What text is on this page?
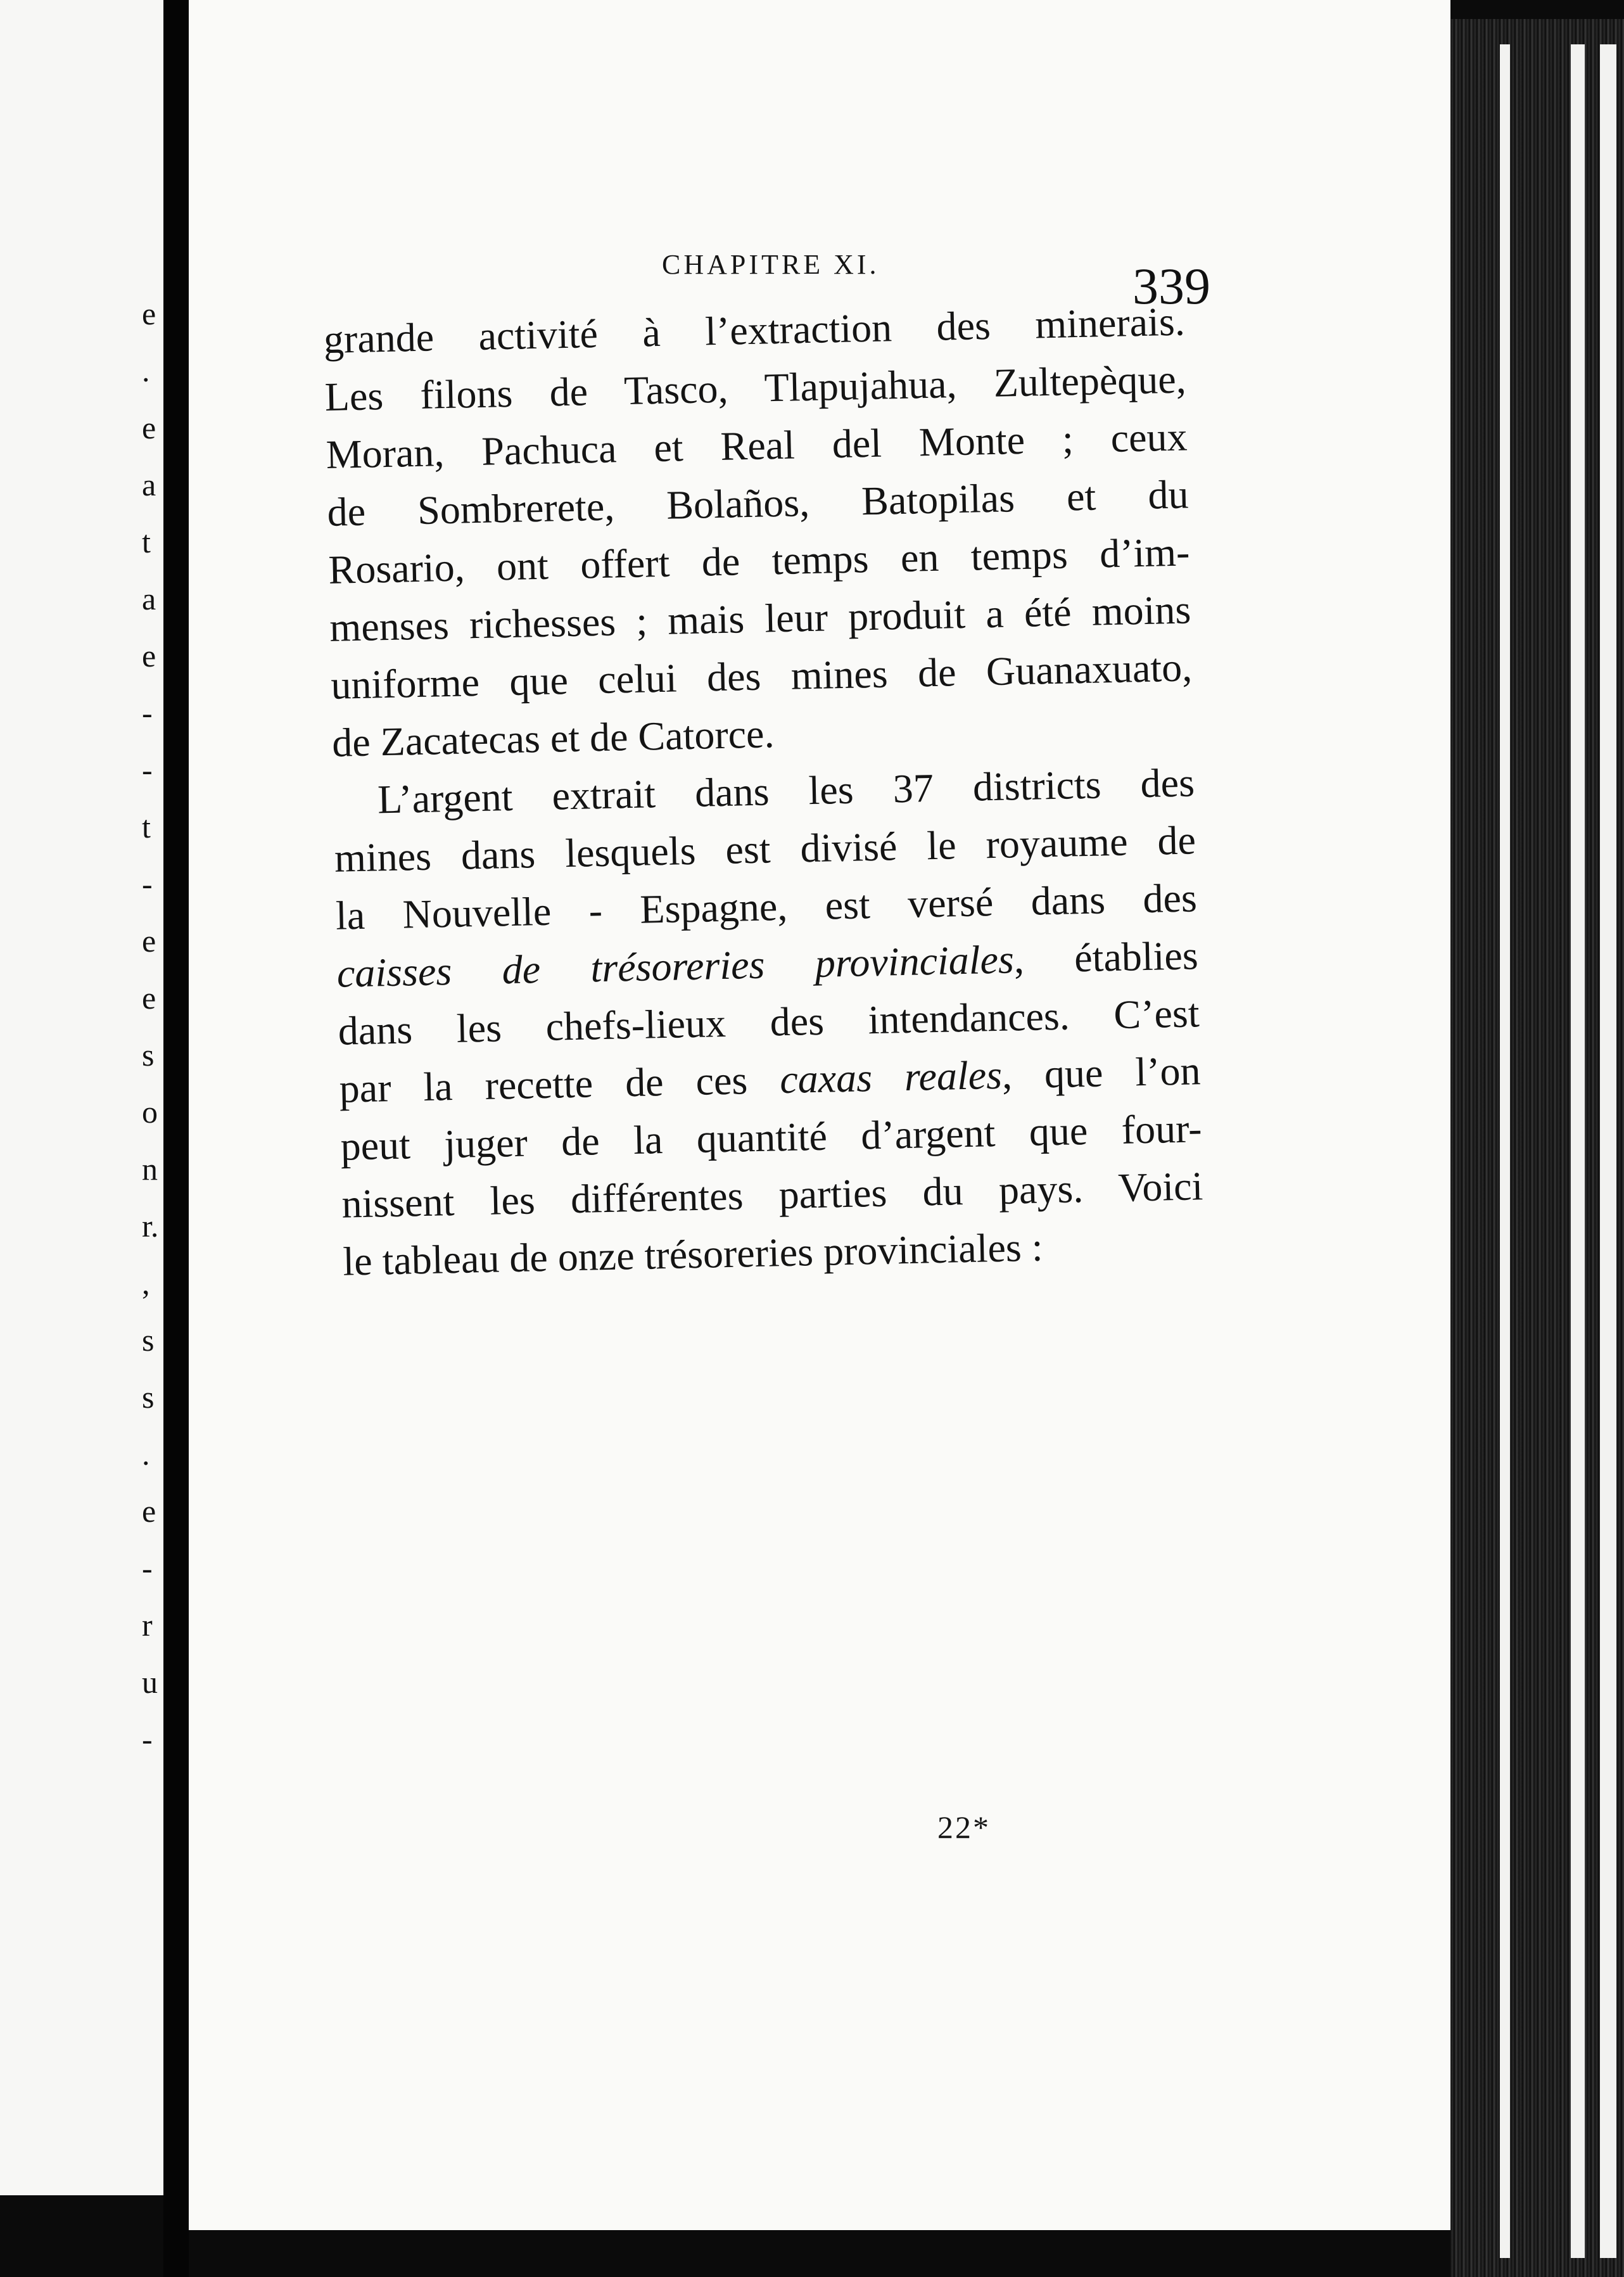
e
.
e
a
t
a
e
-
-
t
-
e
e
s
o
n
r.
,
s
s
.
e
-
r
u
-
CHAPITRE XI.	339
grande activité à l’extraction des minerais.
Les filons de Tasco, Tlapujahua, Zultepèque,
Moran, Pachuca et Real del Monte ; ceux
de Sombrerete, Bolaños, Batopilas et du
Rosario, ont offert de temps en temps d’im-
menses richesses ; mais leur produit a été moins
uniforme que celui des mines de Guanaxuato,
de Zacatecas et de Catorce.
L’argent extrait dans les 37 districts des
mines dans lesquels est divisé le royaume de
la Nouvelle - Espagne, est versé dans des
caisses de trésoreries provinciales, établies
dans les chefs-lieux des intendances. C’est
par la recette de ces caxas reales, que l’on
peut juger de la quantité d’argent que four-
nissent les différentes parties du pays. Voici
le tableau de onze trésoreries provinciales :
22*
